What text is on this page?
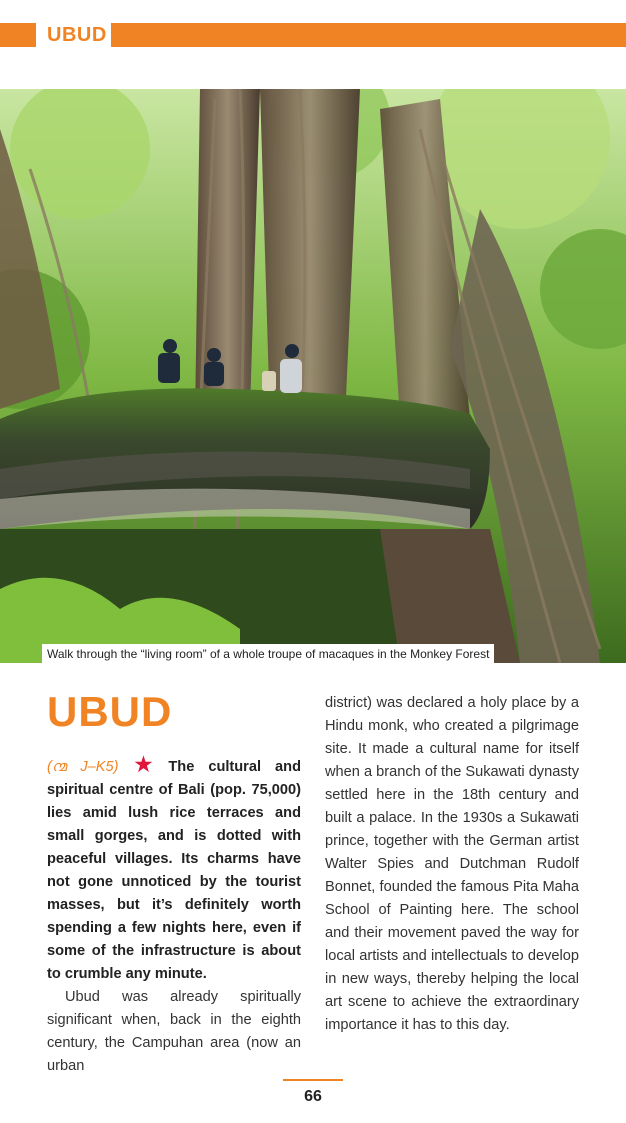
UBUD
Walk through the “living room” of a whole troupe of macaques in the Monkey Forest
UBUD

(൚ J–K5) ★ The cultural and spiritual centre of Bali (pop. 75,000) lies amid lush rice terraces and small gorges, and is dotted with peaceful villages. Its charms have not gone unnoticed by the tourist masses, but it’s definitely worth spending a few nights here, even if some of the infrastructure is about to crumble any minute.

Ubud was already spiritually significant when, back in the eighth century, the Campuhan area (now an urban

district) was declared a holy place by a Hindu monk, who created a pilgrimage site. It made a cultural name for itself when a branch of the Sukawati dynasty settled here in the 18th century and built a palace. In the 1930s a Sukawati prince, together with the German artist Walter Spies and Dutchman Rudolf Bonnet, founded the famous Pita Maha School of Painting here. The school and their movement paved the way for local artists and intellectuals to develop in new ways, thereby helping the local art scene to achieve the extraordinary importance it has to this day.

66
